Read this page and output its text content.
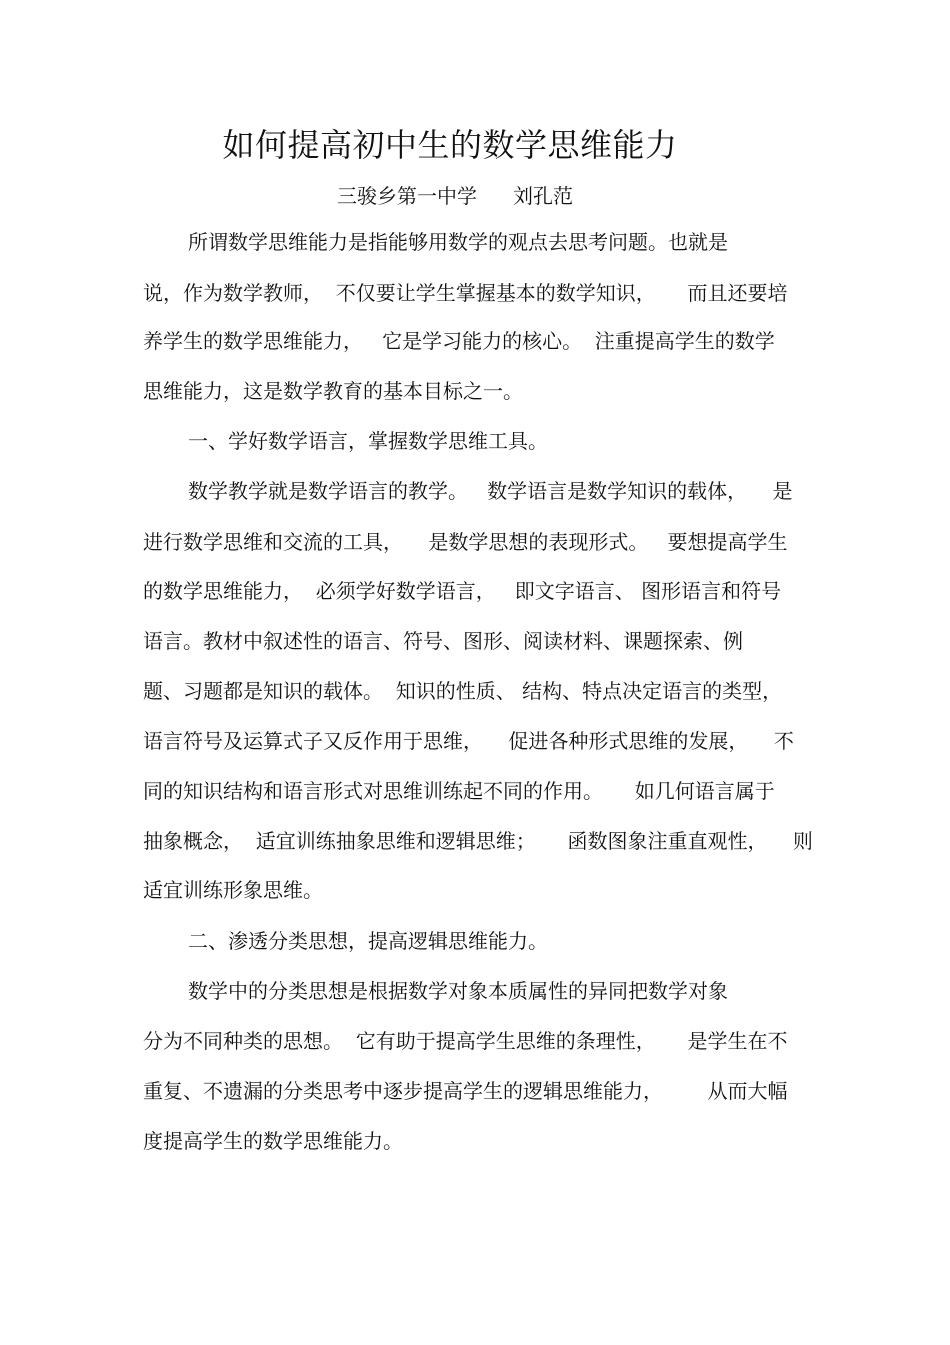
如何提高初中生的数学思维能力
三骏乡第一中学 刘孔范
所谓数学思维能力是指能够用数学的观点去思考问题。也就是
说，作为数学教师，  不仅要让学生掌握基本的数学知识，     而且还要培
养学生的数学思维能力，   它是学习能力的核心。  注重提高学生的数学
思维能力，这是数学教育的基本目标之一。
一、学好数学语言，掌握数学思维工具。
数学教学就是数学语言的教学。   数学语言是数学知识的载体，    是
进行数学思维和交流的工具，    是数学思想的表现形式。   要想提高学生
的数学思维能力，  必须学好数学语言，   即文字语言、 图形语言和符号
语言。教材中叙述性的语言、符号、图形、阅读材料、课题探索、例
题、习题都是知识的载体。  知识的性质、 结构、特点决定语言的类型，
语言符号及运算式子又反作用于思维，    促进各种形式思维的发展，    不
同的知识结构和语言形式对思维训练起不同的作用。     如几何语言属于
抽象概念，  适宜训练抽象思维和逻辑思维；     函数图象注重直观性，    则
适宜训练形象思维。
二、渗透分类思想，提高逻辑思维能力。
数学中的分类思想是根据数学对象本质属性的异同把数学对象
分为不同种类的思想。  它有助于提高学生思维的条理性，     是学生在不
重复、不遗漏的分类思考中逐步提高学生的逻辑思维能力，       从而大幅
度提高学生的数学思维能力。
